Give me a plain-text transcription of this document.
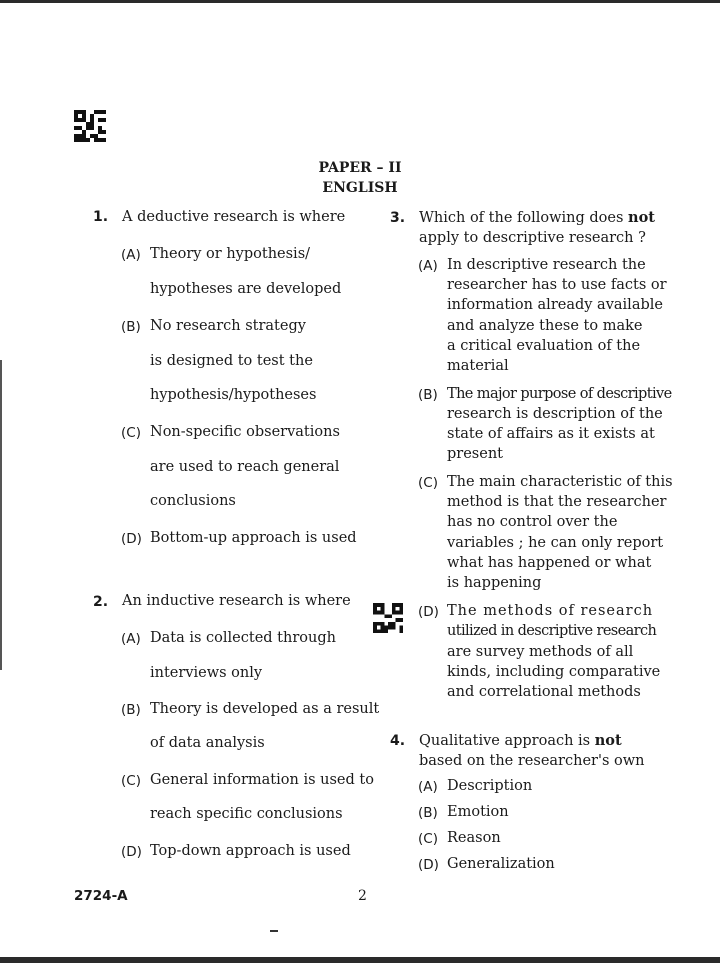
PAPER – II
ENGLISH
1. A deductive research is where
(A) Theory or hypothesis/
hypotheses are developed
(B) No research strategy
is designed to test the
hypothesis/hypotheses
(C) Non-specific observations
are used to reach general
conclusions
(D) Bottom-up approach is used
2. An inductive research is where
(A) Data is collected through
interviews only
(B) Theory is developed as a result
of data analysis
(C) General information is used to
reach specific conclusions
(D) Top-down approach is used
3. Which of the following does not
apply to descriptive research ?
(A) In descriptive research the
researcher has to use facts or
information already available
and analyze these to make
a critical evaluation of the
material
(B) The major purpose of descriptive
research is description of the
state of affairs as it exists at
present
(C) The main characteristic of this
method is that the researcher
has no control over the
variables ; he can only report
what has happened or what
is happening
(D) The methods of research
utilized in descriptive research
are survey methods of all
kinds, including comparative
and correlational methods
4. Qualitative approach is not
based on the researcher's own
(A) Description
(B) Emotion
(C) Reason
(D) Generalization
2724-A	2
